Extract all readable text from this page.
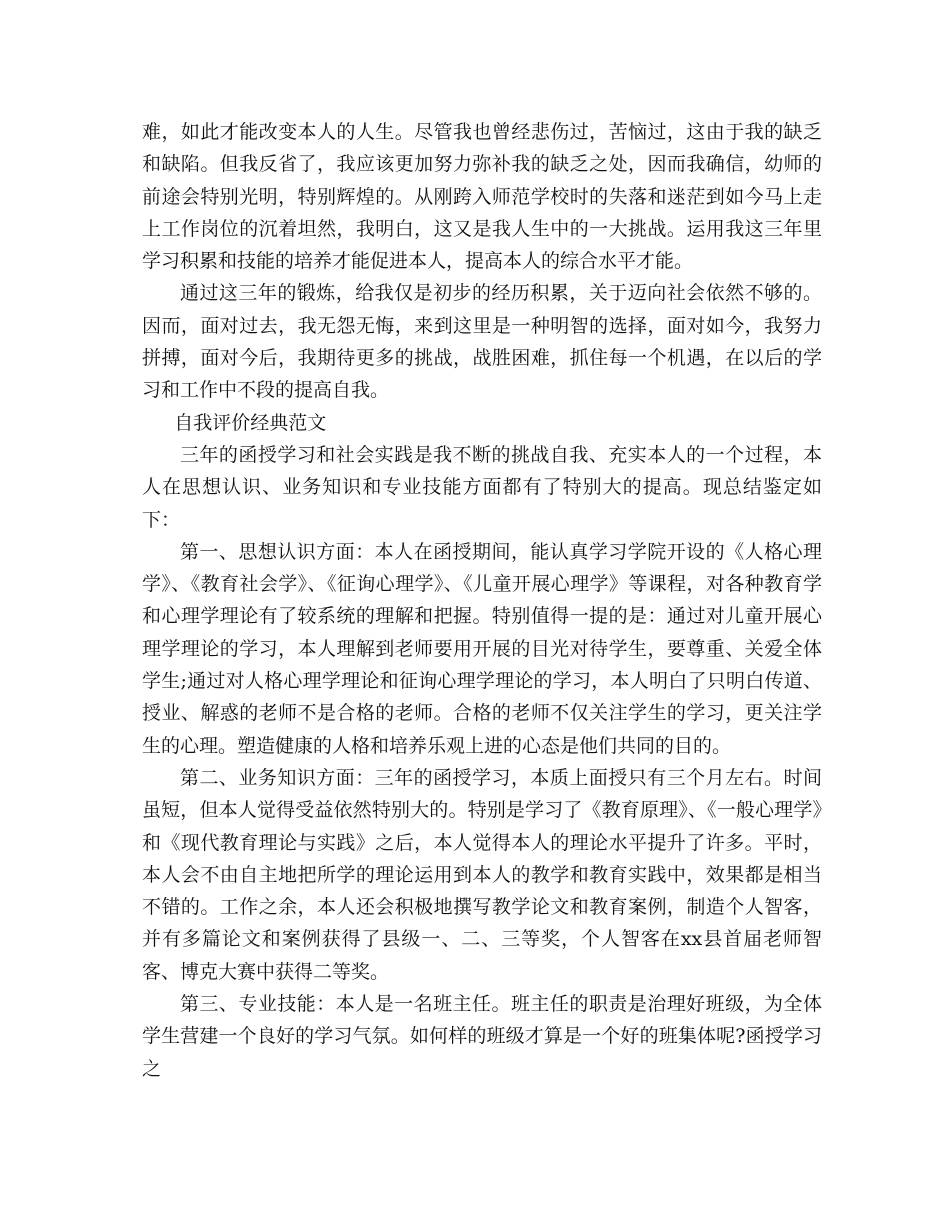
难，如此才能改变本人的人生。尽管我也曾经悲伤过，苦恼过，这由于我的缺乏和缺陷。但我反省了，我应该更加努力弥补我的缺乏之处，因而我确信，幼师的前途会特别光明，特别辉煌的。从刚跨入师范学校时的失落和迷茫到如今马上走上工作岗位的沉着坦然，我明白，这又是我人生中的一大挑战。运用我这三年里学习积累和技能的培养才能促进本人，提高本人的综合水平才能。

通过这三年的锻炼，给我仅是初步的经历积累，关于迈向社会依然不够的。因而，面对过去，我无怨无悔，来到这里是一种明智的选择，面对如今，我努力拼搏，面对今后，我期待更多的挑战，战胜困难，抓住每一个机遇，在以后的学习和工作中不段的提高自我。

自我评价经典范文

三年的函授学习和社会实践是我不断的挑战自我、充实本人的一个过程，本人在思想认识、业务知识和专业技能方面都有了特别大的提高。现总结鉴定如下：

第一、思想认识方面：本人在函授期间，能认真学习学院开设的《人格心理学》、《教育社会学》、《征询心理学》、《儿童开展心理学》等课程，对各种教育学和心理学理论有了较系统的理解和把握。特别值得一提的是：通过对儿童开展心理学理论的学习，本人理解到老师要用开展的目光对待学生，要尊重、关爱全体学生;通过对人格心理学理论和征询心理学理论的学习，本人明白了只明白传道、授业、解惑的老师不是合格的老师。合格的老师不仅关注学生的学习，更关注学生的心理。塑造健康的人格和培养乐观上进的心态是他们共同的目的。

第二、业务知识方面：三年的函授学习，本质上面授只有三个月左右。时间虽短，但本人觉得受益依然特别大的。特别是学习了《教育原理》、《一般心理学》和《现代教育理论与实践》之后，本人觉得本人的理论水平提升了许多。平时，本人会不由自主地把所学的理论运用到本人的教学和教育实践中，效果都是相当不错的。工作之余，本人还会积极地撰写教学论文和教育案例，制造个人智客，并有多篇论文和案例获得了县级一、二、三等奖，个人智客在xx县首届老师智客、博克大赛中获得二等奖。

第三、专业技能：本人是一名班主任。班主任的职责是治理好班级，为全体学生营建一个良好的学习气氛。如何样的班级才算是一个好的班集体呢?函授学习之
